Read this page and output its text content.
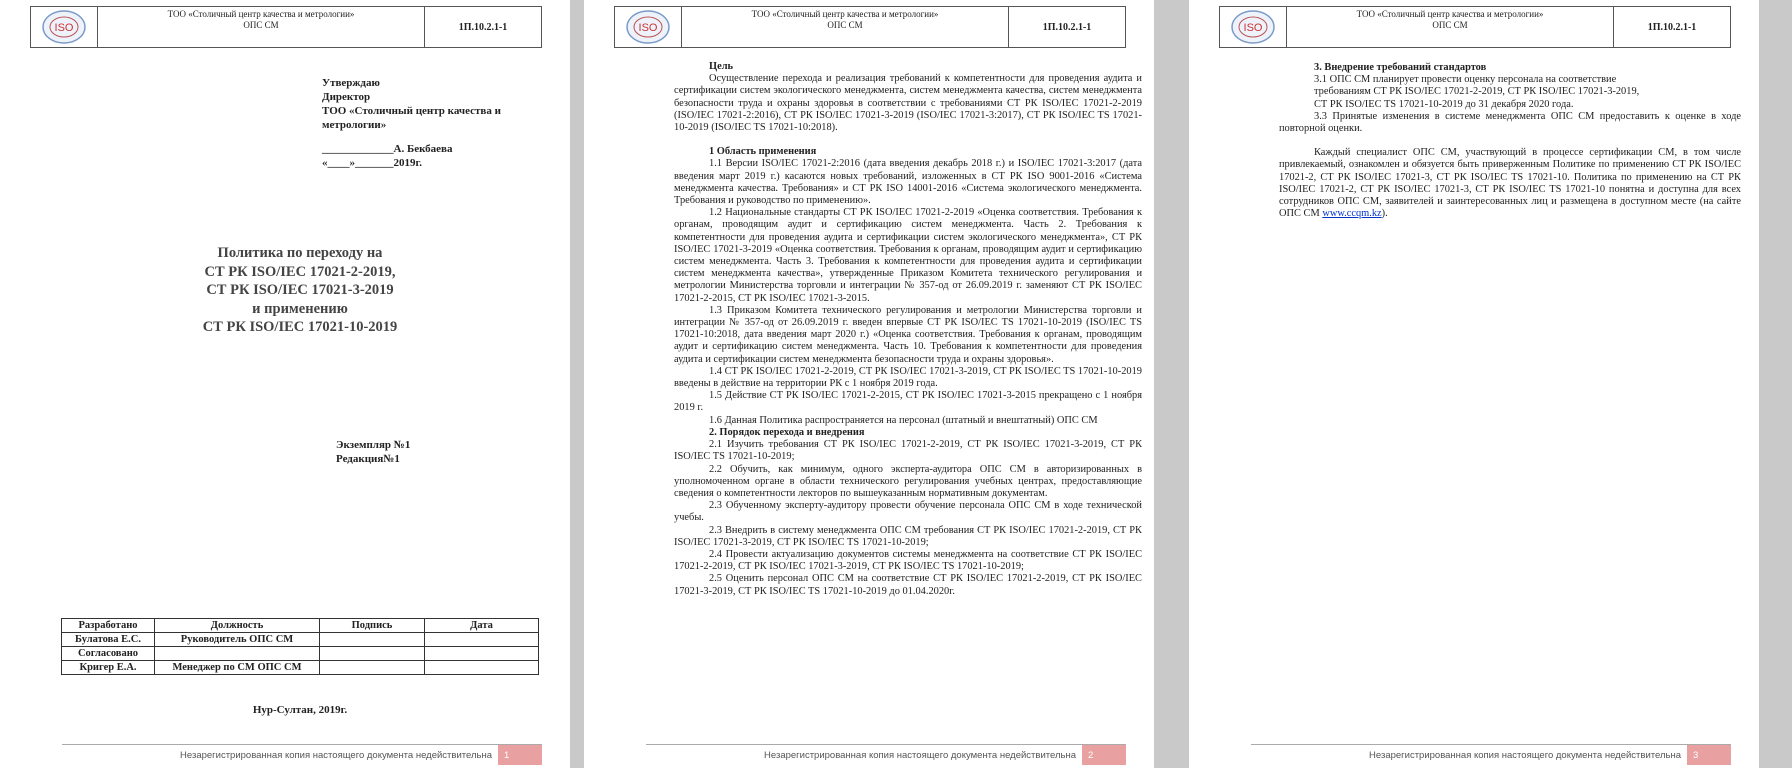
ISO
ТОО «Столичный центр качества и метрологии»
ОПС СМ	1П.10.2.1-1
Утверждаю
Директор
ТОО «Столичный центр качества и метрологии»
_____________А. Бекбаева
«____»_______2019г.
Политика по переходу на
СТ РК ISO/IEC 17021-2-2019,
СТ РК ISO/IEC 17021-3-2019
и применению
СТ РК ISO/IEC 17021-10-2019
Экземпляр №1
Редакция№1
Разработано	Должность	Подпись	Дата
Булатова Е.С.	Руководитель ОПС СМ		
Согласовано			
Кригер Е.А.	Менеджер по СМ ОПС СМ		
Нур-Султан, 2019г.
Незарегистрированная копия настоящего документа недействительна	1
ISO
ТОО «Столичный центр качества и метрологии»
ОПС СМ	1П.10.2.1-1

Цель

Осуществление перехода и реализация требований к компетентности для проведения аудита и сертификации систем экологического менеджмента, систем менеджмента качества, систем менеджмента безопасности труда и охраны здоровья в соответствии с требованиями СТ РК ISO/IEC 17021-2-2019 (ISO/IEC 17021-2:2016), СТ РК ISO/IEC 17021-3-2019 (ISO/IEC 17021-3:2017), СТ РК ISO/IEC TS 17021-10-2019 (ISO/IEC TS 17021-10:2018).

1 Область применения

1.1 Версии ISO/IEC 17021-2:2016 (дата введения декабрь 2018 г.) и ISO/IEC 17021-3:2017 (дата введения март 2019 г.) касаются новых требований, изложенных в СТ РК ISO 9001-2016 «Система менеджмента качества. Требования» и СТ РК ISO 14001-2016 «Система экологического менеджмента. Требования и руководство по применению».

1.2 Национальные стандарты СТ РК ISO/IEC 17021-2-2019 «Оценка соответствия. Требования к органам, проводящим аудит и сертификацию систем менеджмента. Часть 2. Требования к компетентности для проведения аудита и сертификации систем экологического менеджмента», СТ РК ISO/IEC 17021-3-2019 «Оценка соответствия. Требования к органам, проводящим аудит и сертификацию систем менеджмента. Часть 3. Требования к компетентности для проведения аудита и сертификации систем менеджмента качества», утвержденные Приказом Комитета технического регулирования и метрологии Министерства торговли и интеграции № 357-од от 26.09.2019 г. заменяют СТ РК ISO/IEC 17021-2-2015, СТ РК ISO/IEC 17021-3-2015.

1.3 Приказом Комитета технического регулирования и метрологии Министерства торговли и интеграции № 357-од от 26.09.2019 г. введен впервые СТ РК ISO/IEC TS 17021-10-2019 (ISO/IEC TS 17021-10:2018, дата введения март 2020 г.) «Оценка соответствия. Требования к органам, проводящим аудит и сертификацию систем менеджмента. Часть 10. Требования к компетентности для проведения аудита и сертификации систем менеджмента безопасности труда и охраны здоровья».

1.4 СТ РК ISO/IEC 17021-2-2019, СТ РК ISO/IEC 17021-3-2019, СТ РК ISO/IEC TS 17021-10-2019 введены в действие на территории РК с 1 ноября 2019 года.

1.5 Действие СТ РК ISO/IEC 17021-2-2015, СТ РК ISO/IEC 17021-3-2015 прекращено с 1 ноября 2019 г.

1.6 Данная Политика распространяется на персонал (штатный и внештатный) ОПС СМ

2. Порядок перехода и внедрения

2.1 Изучить требования СТ РК ISO/IEC 17021-2-2019, СТ РК ISO/IEC 17021-3-2019, СТ РК ISO/IEC TS 17021-10-2019;

2.2 Обучить, как минимум, одного эксперта-аудитора ОПС СМ в авторизированных в уполномоченном органе в области технического регулирования учебных центрах, предоставляющие сведения о компетентности лекторов по вышеуказанным нормативным документам.

2.3 Обученному эксперту-аудитору провести обучение персонала ОПС СМ в ходе технической учебы.

2.3 Внедрить в систему менеджмента ОПС СМ требования СТ РК ISO/IEC 17021-2-2019, СТ РК ISO/IEC 17021-3-2019, СТ РК ISO/IEC TS 17021-10-2019;

2.4 Провести актуализацию документов системы менеджмента на соответствие СТ РК ISO/IEC 17021-2-2019, СТ РК ISO/IEC 17021-3-2019, СТ РК ISO/IEC TS 17021-10-2019;

2.5 Оценить персонал ОПС СМ на соответствие СТ РК ISO/IEC 17021-2-2019, СТ РК ISO/IEC 17021-3-2019, СТ РК ISO/IEC TS 17021-10-2019 до 01.04.2020г.

Незарегистрированная копия настоящего документа недействительна	2
ISO
ТОО «Столичный центр качества и метрологии»
ОПС СМ	1П.10.2.1-1

3. Внедрение требований стандартов

3.1 ОПС СМ планирует провести оценку персонала на соответствие

требованиям СТ РК ISO/IEC 17021-2-2019, СТ РК ISO/IEC 17021-3-2019,

СТ РК ISO/IEC TS 17021-10-2019 до 31 декабря 2020 года.

3.3 Принятые изменения в системе менеджмента ОПС СМ предоставить к оценке в ходе повторной оценки.

Каждый специалист ОПС СМ, участвующий в процессе сертификации СМ, в том числе привлекаемый, ознакомлен и обязуется быть приверженным Политике по применению СТ РК ISO/IEC 17021-2, СТ РК ISO/IEC 17021-3, СТ РК ISO/IEC TS 17021-10. Политика по применению на СТ РК ISO/IEC 17021-2, СТ РК ISO/IEC 17021-3, СТ РК ISO/IEC TS 17021-10 понятна и доступна для всех сотрудников ОПС СМ, заявителей и заинтересованных лиц и размещена в доступном месте (на сайте ОПС СМ www.ccqm.kz).

Незарегистрированная копия настоящего документа недействительна	3
